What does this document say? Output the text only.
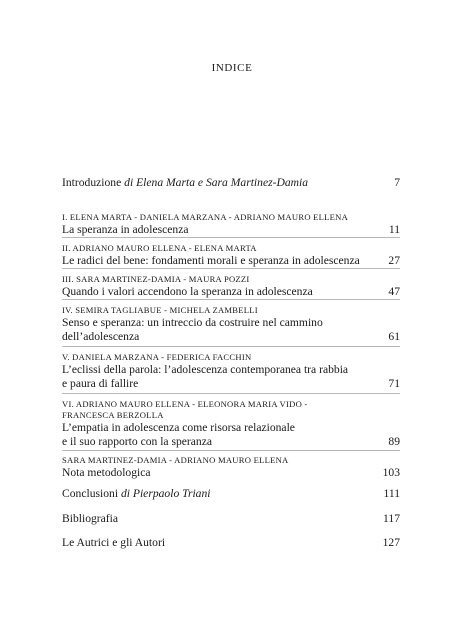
INDICE
Introduzione di Elena Marta e Sara Martinez-Damia	7
I. ELENA MARTA - DANIELA MARZANA - ADRIANO MAURO ELLENA
La speranza in adolescenza	11
II. ADRIANO MAURO ELLENA - ELENA MARTA
Le radici del bene: fondamenti morali e speranza in adolescenza	27
III. SARA MARTINEZ-DAMIA - MAURA POZZI
Quando i valori accendono la speranza in adolescenza	47
IV. SEMIRA TAGLIABUE - MICHELA ZAMBELLI
Senso e speranza: un intreccio da costruire nel cammino
dell’adolescenza	61
V. DANIELA MARZANA - FEDERICA FACCHIN
L’eclissi della parola: l’adolescenza contemporanea tra rabbia
e paura di fallire	71
VI. ADRIANO MAURO ELLENA - ELEONORA MARIA VIDO -
FRANCESCA BERZOLLA
L’empatia in adolescenza come risorsa relazionale
e il suo rapporto con la speranza	89
SARA MARTINEZ-DAMIA - ADRIANO MAURO ELLENA
Nota metodologica	103
Conclusioni di Pierpaolo Triani	111
Bibliografia	117
Le Autrici e gli Autori	127
